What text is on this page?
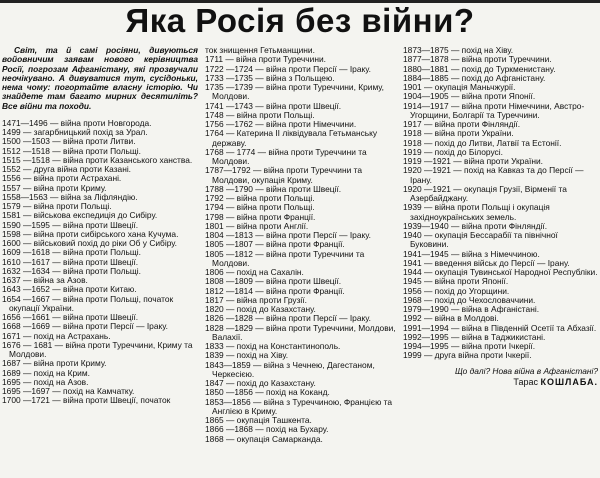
Яка Росія без війни?

Світ, та й самі росіяни, дивуються войовничим заявам нового керівництва Росії, погрозам Афганістану, які прозвучали неочікувано. А дивуватися тут, сусідоньки, нема чому: погортайте власну історію. Чи знайдете там багато мирних десятиліть? Все війни та походи.

1471—1496 — війна проти Новгорода.

1499 — загарбницький похід за Урал.

1500 —1503 — війна проти Литви.

1512 —1518 — війна проти Польщі.

1515 —1518 — війна проти Казанського ханства.

1552 — друга війна проти Казані.

1556 — війна проти Астрахані.

1557 — війна проти Криму.

1558—1563 — війна за Ліфляндію.

1579 — війна проти Польщі.

1581 — військова експедиція до Сибіру.

1590 —1595 — війна проти Швеції.

1598 — війна проти сибірського хана Кучума.

1600 — військовий похід до ріки Об у Сибіру.

1609 —1618 — війна проти Польщі.

1610 —1617 — війна проти Швеції.

1632 —1634 — війна проти Польщі.

1637 — війна за Азов.

1643 —1652 — війна проти Китаю.

1654 —1667 — війна проти Польщі, початок окупації України.

1656 —1661 — війна проти Швеції.

1668 —1669 — війна проти Персії — Іраку.

1671 — похід на Астрахань.

1676 — 1681 — війна проти Туреччини, Криму та Молдови.

1687 — війна проти Криму.

1689 — похід на Крим.

1695 — похід на Азов.

1695 —1697 — похід на Камчатку.

1700 —1721 — війна проти Швеції, початок

ток знищення Гетьманщини.

1711 — війна проти Туреччини.

1722 —1724 — війна проти Персії — Іраку.

1733 —1735 — війна з Польщею.

1735 —1739 — війна проти Туреччини, Криму, Молдови.

1741 —1743 — війна проти Швеції.

1748 — війна проти Польщі.

1756 —1762 — війна проти Німеччини.

1764 — Катерина II ліквідувала Гетьманську державу.

1768 — 1774 — війна проти Туреччини та Молдови.

1787—1792 — війна проти Туреччини та Молдови, окупація Криму.

1788 —1790 — війна проти Швеції.

1792 — війна проти Польщі.

1794 — війна проти Польщі.

1798 — війна проти Франції.

1801 — війна проти Англії.

1804 —1813 — війна проти Персії — Іраку.

1805 —1807 — війна проти Франції.

1805 —1812 — війна проти Туреччини та Молдови.

1806 — похід на Сахалін.

1808 —1809 — війна проти Швеції.

1812 —1814 — війна проти Франції.

1817 — війна проти Грузії.

1820 — похід до Казахстану.

1826 —1828 — війна проти Персії — Іраку.

1828 —1829 — війна проти Туреччини, Молдови, Валахії.

1833 — похід на Константинополь.

1839 — похід на Хіву.

1843—1859 — війна з Чечнею, Дагестаном, Черкесією.

1847 — похід до Казахстану.

1850 —1856 — похід на Коканд.

1853—1856 — війна з Туреччиною, Францією та Англією в Криму.

1865 — окупація Ташкента.

1866 —1868 — похід на Бухару.

1868 — окупація Самарканда.

1873—1875 — похід на Хіву.

1877—1878 — війна проти Туреччини.

1880—1881 — похід до Туркменистану.

1884—1885 — похід до Афганістану.

1901 — окупація Маньчжурії.

1904—1905 — війна проти Японії.

1914—1917 — війна проти Німеччини, Австро-Угорщини, Болгарії та Туреччини.

1917 — війна проти Фінляндії.

1918 — війна проти України.

1918 — похід до Литви, Латвії та Естонії.

1919 — похід до Білорусі.

1919 —1921 — війна проти України.

1920 —1921 — похід на Кавказ та до Персії — Ірану.

1920 —1921 — окупація Грузії, Вірменії та Азербайджану.

1939 — війна проти Польщі і окупація західноукраїнських земель.

1939—1940 — війна проти Фінляндії.

1940 — окупація Бессарабії та північної Буковини.

1941—1945 — війна з Німеччиною.

1941 — введення військ до Персії — Ірану.

1944 — окупація Тувинської Народної Республіки.

1945 — війна проти Японії.

1956 — похід до Угорщини.

1968 — похід до Чехословаччини.

1979—1990 — війна в Афганістані.

1992 — війна в Молдові.

1991—1994 — війна в Південній Осетії та Абхазії.

1992—1995 — війна в Таджикистані.

1994—1995 — війна проти Ічкерії.

1999 — друга війна проти Ічкерії.

Що далі? Нова війна в Афганістані?
Тарас КОШЛАБА.
